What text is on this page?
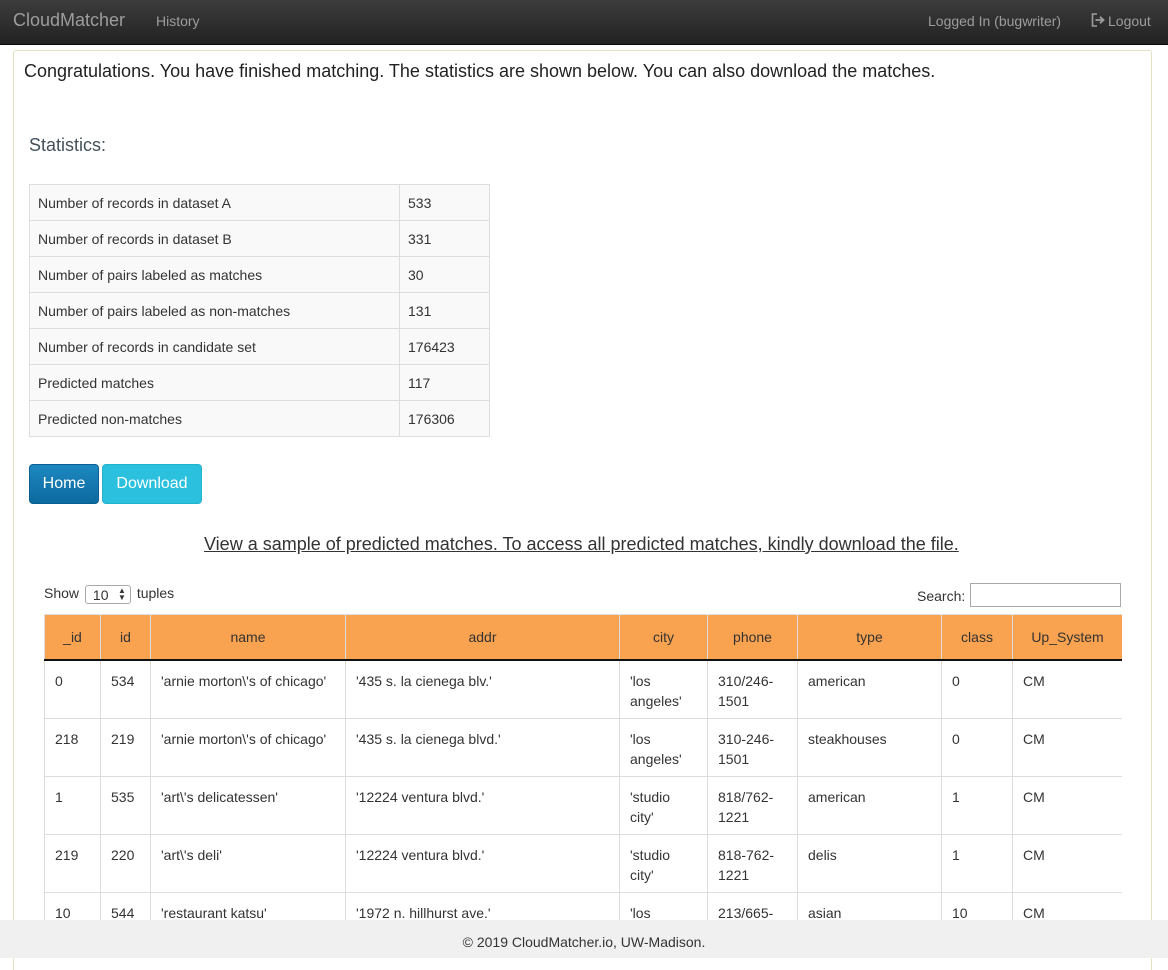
CloudMatcher History	Logged In (bugwriter)	Logout
Congratulations. You have finished matching. The statistics are shown below. You can also download the matches.
Statistics:
Number of records in dataset A	533
Number of records in dataset B	331
Number of pairs labeled as matches	30
Number of pairs labeled as non-matches	131
Number of records in candidate set	176423
Predicted matches	117
Predicted non-matches	176306
Home	Download
View a sample of predicted matches. To access all predicted matches, kindly download the file.
Show 10 ▲
▼ tuples	Search:
_id	id	name	addr	city	phone	type	class	Up_System
0	534	'arnie morton\'s of chicago'	'435 s. la cienega blv.'	'los angeles'	310/246-1501	american	0	CM
218	219	'arnie morton\'s of chicago'	'435 s. la cienega blvd.'	'los angeles'	310-246-1501	steakhouses	0	CM
1	535	'art\'s delicatessen'	'12224 ventura blvd.'	'studio city'	818/762-1221	american	1	CM
219	220	'art\'s deli'	'12224 ventura blvd.'	'studio city'	818-762-1221	delis	1	CM
10	544	'restaurant katsu'	'1972 n. hillhurst ave.'	'los	213/665-	asian	10	CM
© 2019 CloudMatcher.io, UW-Madison.
